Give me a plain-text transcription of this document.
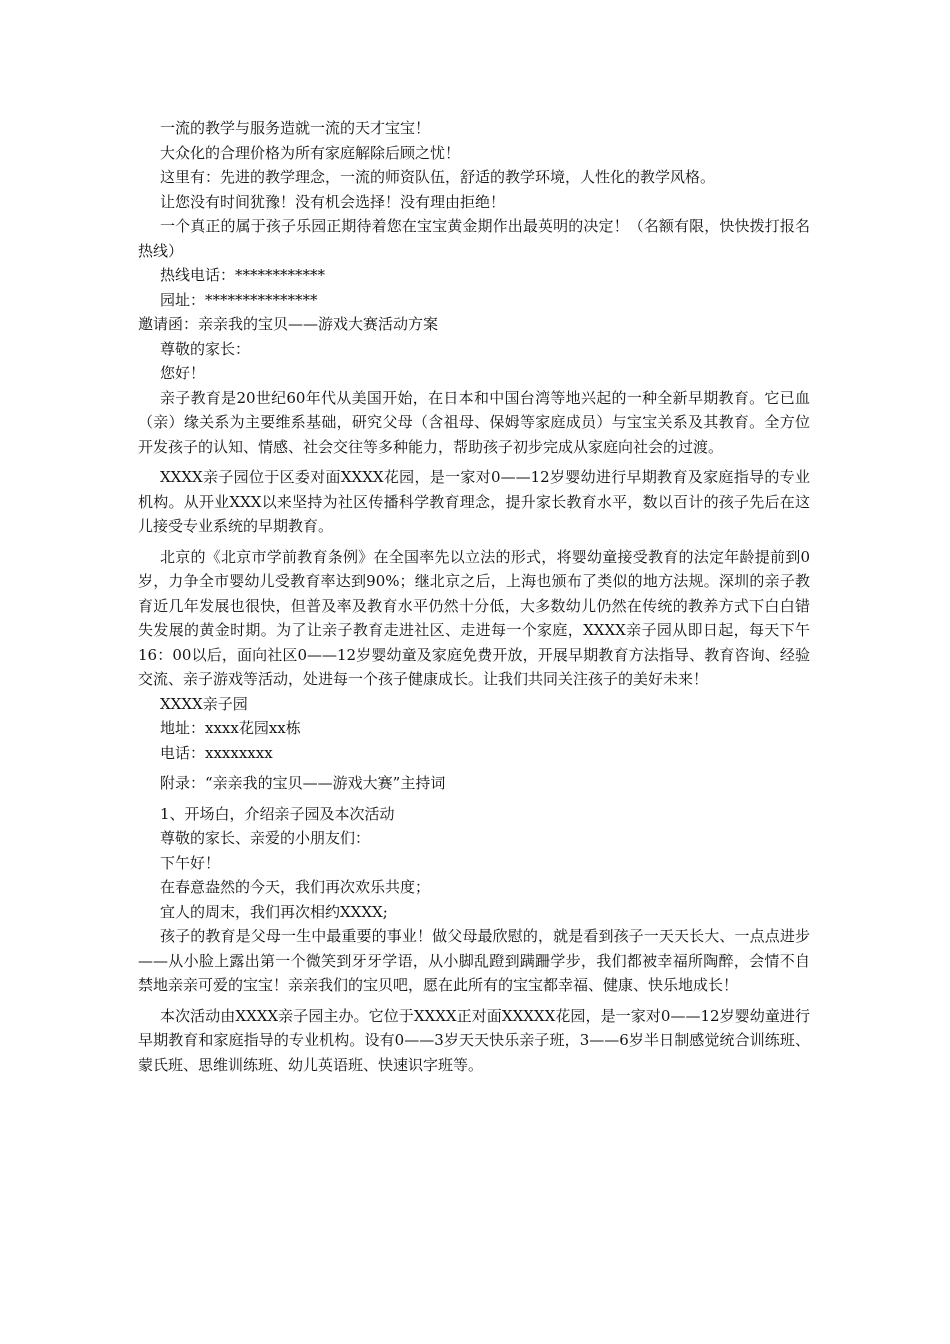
一流的教学与服务造就一流的天才宝宝！

大众化的合理价格为所有家庭解除后顾之忧！

这里有：先进的教学理念，一流的师资队伍，舒适的教学环境，人性化的教学风格。

让您没有时间犹豫！没有机会选择！没有理由拒绝！

一个真正的属于孩子乐园正期待着您在宝宝黄金期作出最英明的决定！（名额有限，快快拨打报名热线）

热线电话：************

园址：***************

邀请函：亲亲我的宝贝——游戏大赛活动方案

尊敬的家长：

您好！

亲子教育是20世纪60年代从美国开始，在日本和中国台湾等地兴起的一种全新早期教育。它已血（亲）缘关系为主要维系基础，研究父母（含祖母、保姆等家庭成员）与宝宝关系及其教育。全方位开发孩子的认知、情感、社会交往等多种能力，帮助孩子初步完成从家庭向社会的过渡。

XXXX亲子园位于区委对面XXXX花园，是一家对0——12岁婴幼进行早期教育及家庭指导的专业机构。从开业XXX以来坚持为社区传播科学教育理念，提升家长教育水平，数以百计的孩子先后在这儿接受专业系统的早期教育。

北京的《北京市学前教育条例》在全国率先以立法的形式，将婴幼童接受教育的法定年龄提前到0岁，力争全市婴幼儿受教育率达到90%；继北京之后，上海也颁布了类似的地方法规。深圳的亲子教育近几年发展也很快，但普及率及教育水平仍然十分低，大多数幼儿仍然在传统的教养方式下白白错失发展的黄金时期。为了让亲子教育走进社区、走进每一个家庭，XXXX亲子园从即日起，每天下午16：00以后，面向社区0——12岁婴幼童及家庭免费开放，开展早期教育方法指导、教育咨询、经验交流、亲子游戏等活动，处进每一个孩子健康成长。让我们共同关注孩子的美好未来！

XXXX亲子园

地址：xxxx花园xx栋

电话：xxxxxxxx

附录：“亲亲我的宝贝——游戏大赛”主持词

1、开场白，介绍亲子园及本次活动

尊敬的家长、亲爱的小朋友们：

下午好！

在春意盎然的今天，我们再次欢乐共度；

宜人的周末，我们再次相约XXXX;

孩子的教育是父母一生中最重要的事业！做父母最欣慰的，就是看到孩子一天天长大、一点点进步——从小脸上露出第一个微笑到牙牙学语，从小脚乱蹬到蹒跚学步，我们都被幸福所陶醉，会情不自禁地亲亲可爱的宝宝！亲亲我们的宝贝吧，愿在此所有的宝宝都幸福、健康、快乐地成长！

本次活动由XXXX亲子园主办。它位于XXXX正对面XXXXX花园，是一家对0——12岁婴幼童进行早期教育和家庭指导的专业机构。设有0——3岁天天快乐亲子班，3——6岁半日制感觉统合训练班、蒙氏班、思维训练班、幼儿英语班、快速识字班等。
